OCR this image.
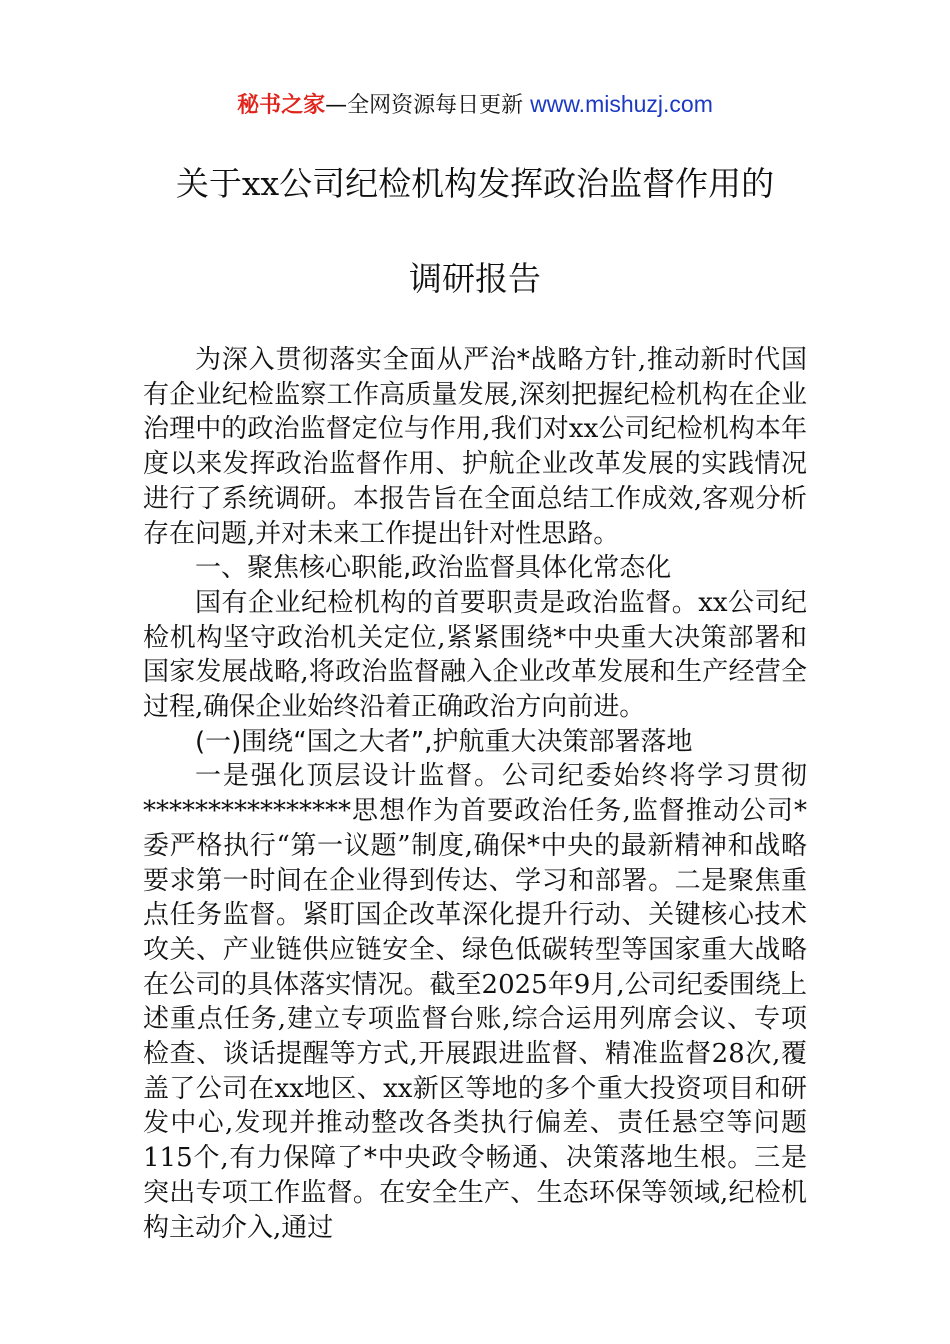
秘书之家—全网资源每日更新 www.mishuzj.com
关于xx公司纪检机构发挥政治监督作用的
调研报告

为深入贯彻落实全面从严治*战略方针,推动新时代国有企业纪检监察工作高质量发展,深刻把握纪检机构在企业治理中的政治监督定位与作用,我们对xx公司纪检机构本年度以来发挥政治监督作用、护航企业改革发展的实践情况进行了系统调研。本报告旨在全面总结工作成效,客观分析存在问题,并对未来工作提出针对性思路。

一、聚焦核心职能,政治监督具体化常态化

国有企业纪检机构的首要职责是政治监督。xx公司纪检机构坚守政治机关定位,紧紧围绕*中央重大决策部署和国家发展战略,将政治监督融入企业改革发展和生产经营全过程,确保企业始终沿着正确政治方向前进。

(一)围绕“国之大者”,护航重大决策部署落地

一是强化顶层设计监督。公司纪委始终将学习贯彻****************思想作为首要政治任务,监督推动公司*委严格执行“第一议题”制度,确保*中央的最新精神和战略要求第一时间在企业得到传达、学习和部署。二是聚焦重点任务监督。紧盯国企改革深化提升行动、关键核心技术攻关、产业链供应链安全、绿色低碳转型等国家重大战略在公司的具体落实情况。截至2025年9月,公司纪委围绕上述重点任务,建立专项监督台账,综合运用列席会议、专项检查、谈话提醒等方式,开展跟进监督、精准监督28次,覆盖了公司在xx地区、xx新区等地的多个重大投资项目和研发中心,发现并推动整改各类执行偏差、责任悬空等问题115个,有力保障了*中央政令畅通、决策落地生根。三是突出专项工作监督。在安全生产、生态环保等领域,纪检机构主动介入,通过
